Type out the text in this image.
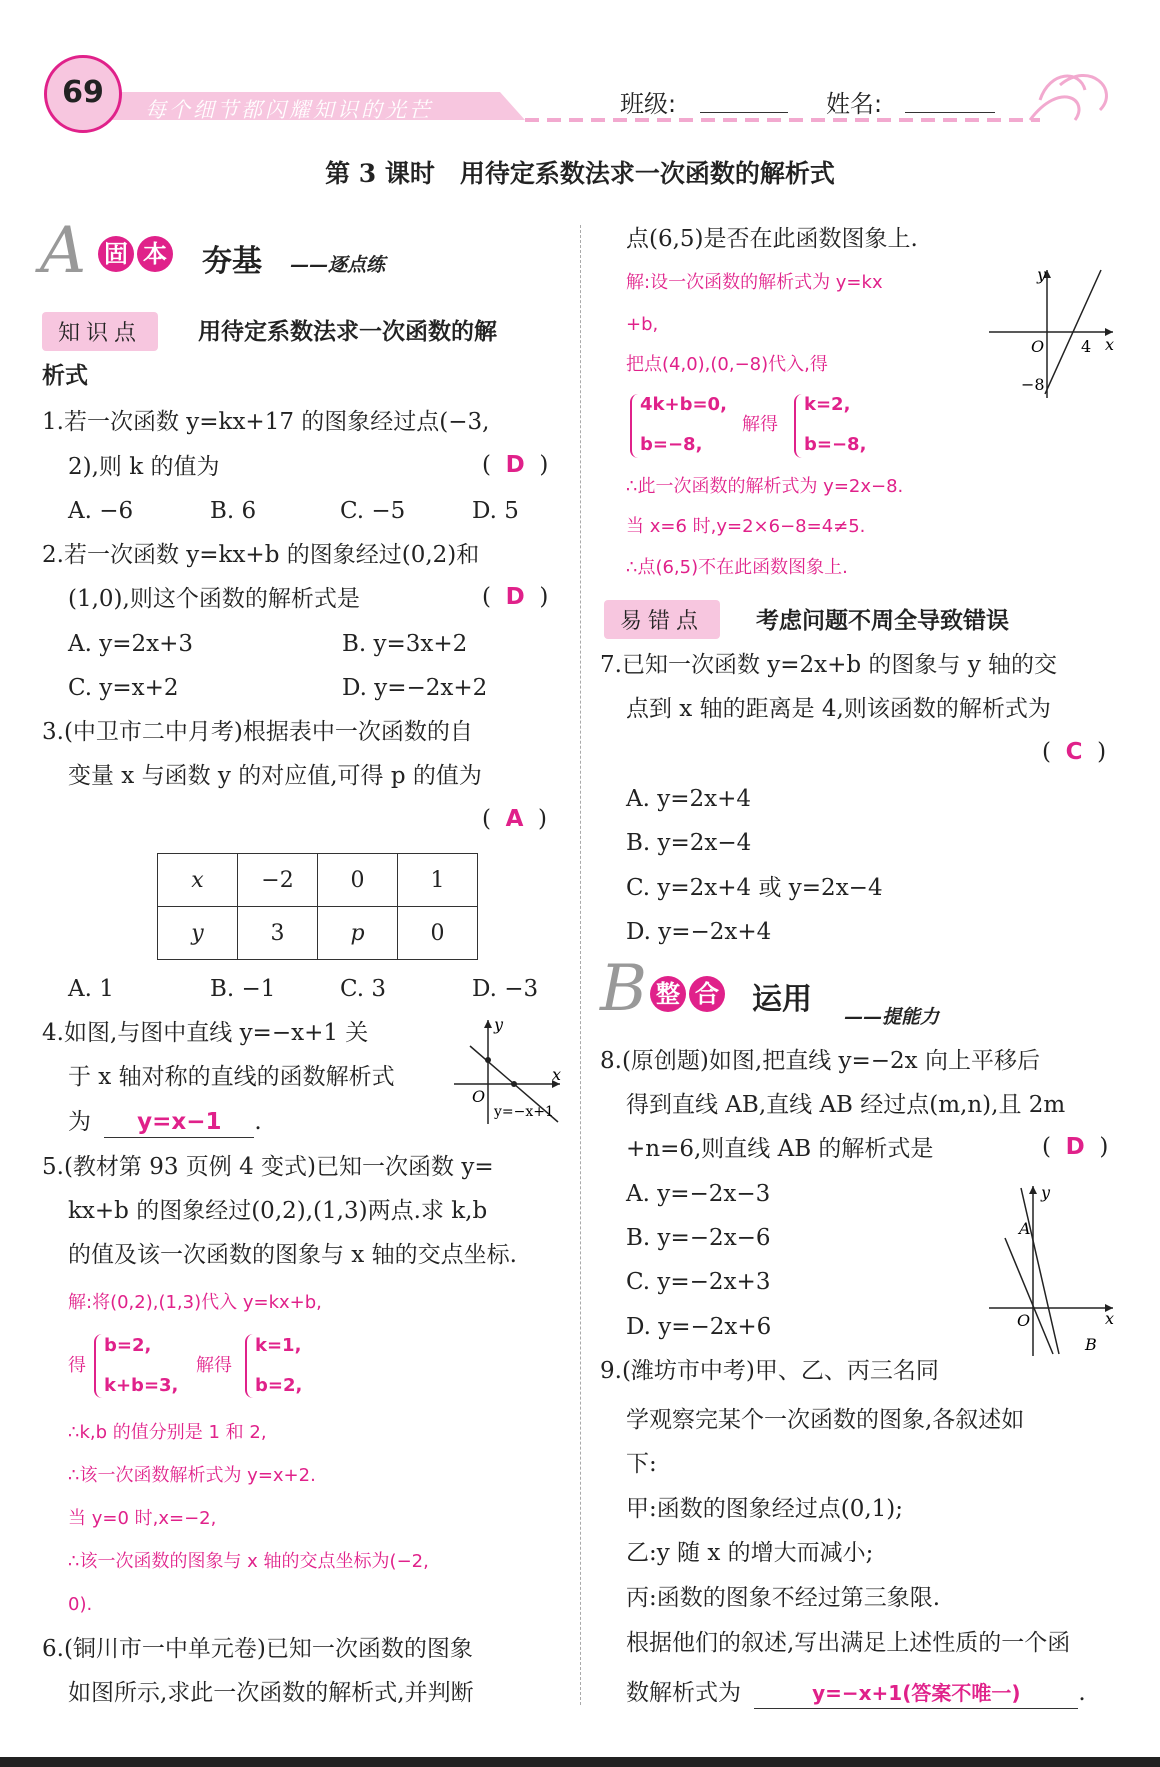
69	每个细节都闪耀知识的光芒	班级:	姓名:
第 3 课时　用待定系数法求一次函数的解析式
A 固 本	夯基 ——逐点练
知识点	用待定系数法求一次函数的解
析式
1.若一次函数 y=kx+17 的图象经过点(−3,
2),则 k 的值为	(  D  )
A. −6	B. 6	C. −5	D. 5
2.若一次函数 y=kx+b 的图象经过(0,2)和
(1,0),则这个函数的解析式是	(  D  )
A. y=2x+3	B. y=3x+2
C. y=x+2	D. y=−2x+2
3.(中卫市二中月考)根据表中一次函数的自
变量 x 与函数 y 的对应值,可得 p 的值为
(  A  )
x	−2	0	1
y	3	p	0
A. 1	B. −1	C. 3	D. −3
4.如图,与图中直线 y=−x+1 关
于 x 轴对称的直线的函数解析式
为 y=x−1 .
y
x
O
y=−x+1
5.(教材第 93 页例 4 变式)已知一次函数 y=
kx+b 的图象经过(0,2),(1,3)两点.求 k,b
的值及该一次函数的图象与 x 轴的交点坐标.
解:将(0,2),(1,3)代入 y=kx+b,
得
b=2,
k+b=3,
解得
k=1,
b=2,
∴k,b 的值分别是 1 和 2,
∴该一次函数解析式为 y=x+2.
当 y=0 时,x=−2,
∴该一次函数的图象与 x 轴的交点坐标为(−2,
0).
6.(铜川市一中单元卷)已知一次函数的图象
如图所示,求此一次函数的解析式,并判断
点(6,5)是否在此函数图象上.
解:设一次函数的解析式为 y=kx
+b,
把点(4,0),(0,−8)代入,得
4k+b=0,
b=−8,
解得
k=2,
b=−8,
∴此一次函数的解析式为 y=2x−8.
当 x=6 时,y=2×6−8=4≠5.
∴点(6,5)不在此函数图象上.
y
x
O 4
−8
易错点	考虑问题不周全导致错误
7.已知一次函数 y=2x+b 的图象与 y 轴的交
点到 x 轴的距离是 4,则该函数的解析式为
(  C  )
A. y=2x+4
B. y=2x−4
C. y=2x+4 或 y=2x−4
D. y=−2x+4
B 整 合	运用 ——提能力
8.(原创题)如图,把直线 y=−2x 向上平移后
得到直线 AB,直线 AB 经过点(m,n),且 2m
+n=6,则直线 AB 的解析式是	(  D  )
A. y=−2x−3
B. y=−2x−6
C. y=−2x+3
D. y=−2x+6
y
x
O
A
B
9.(潍坊市中考)甲、乙、丙三名同
学观察完某个一次函数的图象,各叙述如
下:
甲:函数的图象经过点(0,1);
乙:y 随 x 的增大而减小;
丙:函数的图象不经过第三象限.
根据他们的叙述,写出满足上述性质的一个函
数解析式为	y=−x+1(答案不唯一)	.
